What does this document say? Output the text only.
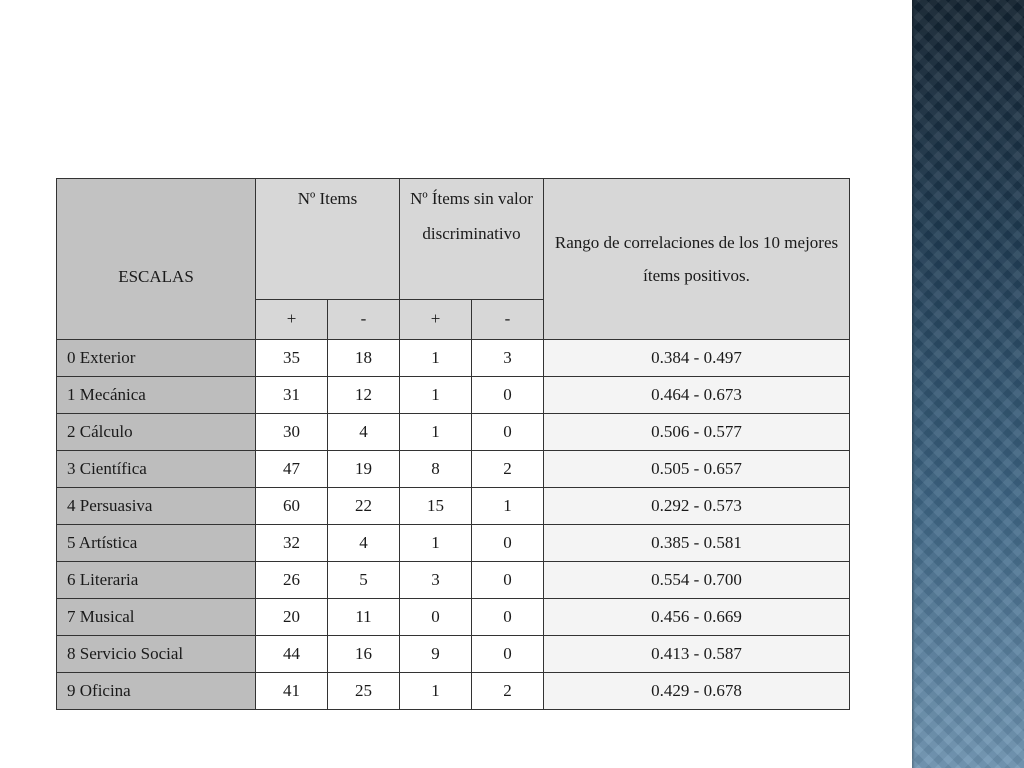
ESCALAS	Nº Items		Nº Ítems sin valor discriminativo		Rango de correlaciones de los 10 mejores ítems positivos.
	+	-	+	-	
0 Exterior	35	18	1	3	0.384 - 0.497
1 Mecánica	31	12	1	0	0.464 - 0.673
2 Cálculo	30	4	1	0	0.506 - 0.577
3 Científica	47	19	8	2	0.505 - 0.657
4 Persuasiva	60	22	15	1	0.292 - 0.573
5 Artística	32	4	1	0	0.385 - 0.581
6 Literaria	26	5	3	0	0.554 - 0.700
7 Musical	20	11	0	0	0.456 - 0.669
8 Servicio Social	44	16	9	0	0.413 - 0.587
9 Oficina	41	25	1	2	0.429 - 0.678
